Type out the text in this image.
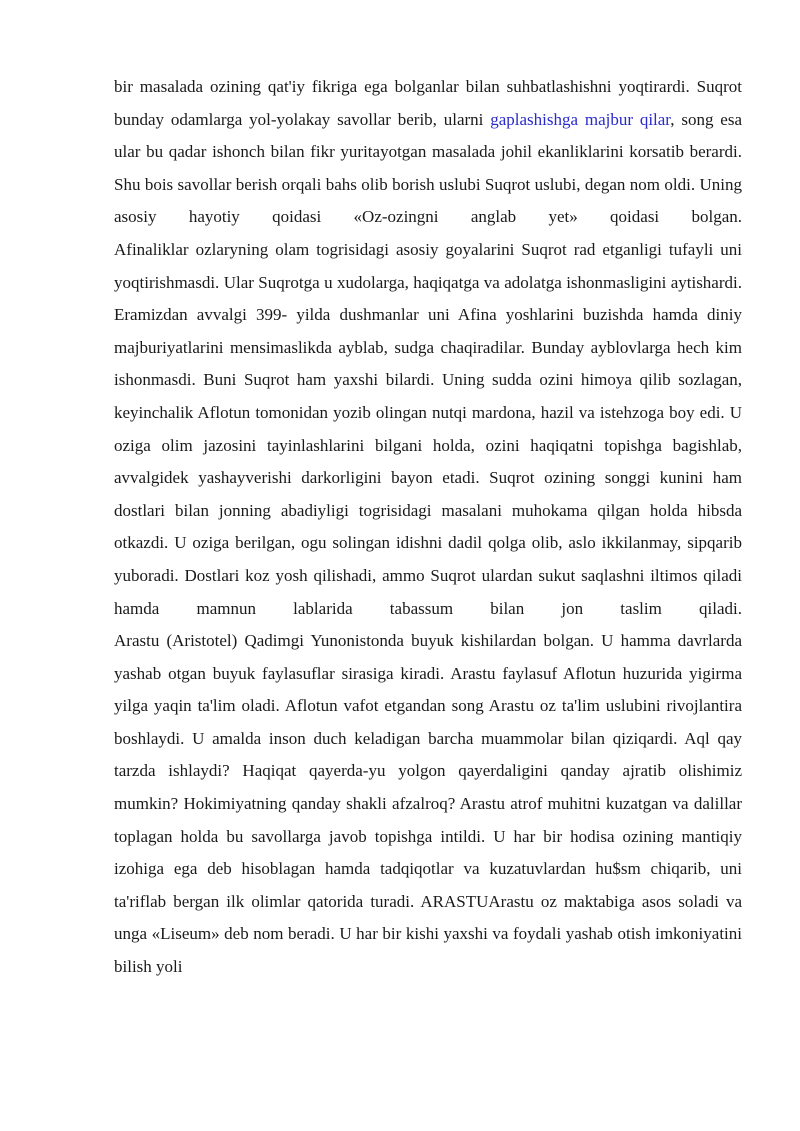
bir masalada ozining qat'iy fikriga ega bolganlar bilan suhbatlashishni yoqtirardi. Suqrot bunday odamlarga yol-yolakay savollar berib, ularni gaplashishga majbur qilar, song esa ular bu qadar ishonch bilan fikr yuritayotgan masalada johil ekanliklarini korsatib berardi. Shu bois savollar berish orqali bahs olib borish uslubi Suqrot uslubi, degan nom oldi. Uning asosiy hayotiy qoidasi «Oz-ozingni anglab yet» qoidasi bolgan.

Afinaliklar ozlaryning olam togrisidagi asosiy goyalarini Suqrot rad etganligi tufayli uni yoqtirishmasdi. Ular Suqrotga u xudolarga, haqiqatga va adolatga ishonmasligini aytishardi. Eramizdan avvalgi 399- yilda dushmanlar uni Afina yoshlarini buzishda hamda diniy majburiyatlarini mensimaslikda ayblab, sudga chaqiradilar. Bunday ayblovlarga hech kim ishonmasdi. Buni Suqrot ham yaxshi bilardi. Uning sudda ozini himoya qilib sozlagan, keyinchalik Aflotun tomonidan yozib olingan nutqi mardona, hazil va istehzoga boy edi. U oziga olim jazosini tayinlashlarini bilgani holda, ozini haqiqatni topishga bagishlab, avvalgidek yashayverishi darkorligini bayon etadi. Suqrot ozining songgi kunini ham dostlari bilan jonning abadiyligi togrisidagi masalani muhokama qilgan holda hibsda otkazdi. U oziga berilgan, ogu solingan idishni dadil qolga olib, aslo ikkilanmay, sipqarib yuboradi. Dostlari koz yosh qilishadi, ammo Suqrot ulardan sukut saqlashni iltimos qiladi hamda mamnun lablarida tabassum bilan jon taslim qiladi.

Arastu (Aristotel) Qadimgi Yunonistonda buyuk kishilardan bolgan. U hamma davrlarda yashab otgan buyuk faylasuflar sirasiga kiradi. Arastu faylasuf Aflotun huzurida yigirma yilga yaqin ta'lim oladi. Aflotun vafot etgandan song Arastu oz ta'lim uslubini rivojlantira boshlaydi. U amalda inson duch keladigan barcha muammolar bilan qiziqardi. Aql qay tarzda ishlaydi? Haqiqat qayerda-yu yolgon qayerdaligini qanday ajratib olishimiz mumkin? Hokimiyatning qanday shakli afzalroq? Arastu atrof muhitni kuzatgan va dalillar toplagan holda bu savollarga javob topishga intildi. U har bir hodisa ozining mantiqiy izohiga ega deb hisoblagan hamda tadqiqotlar va kuzatuvlardan hu$sm chiqarib, uni ta'riflab bergan ilk olimlar qatorida turadi. ARASTUArastu oz maktabiga asos soladi va unga «Liseum» deb nom beradi. U har bir kishi yaxshi va foydali yashab otish imkoniyatini bilish yoli
